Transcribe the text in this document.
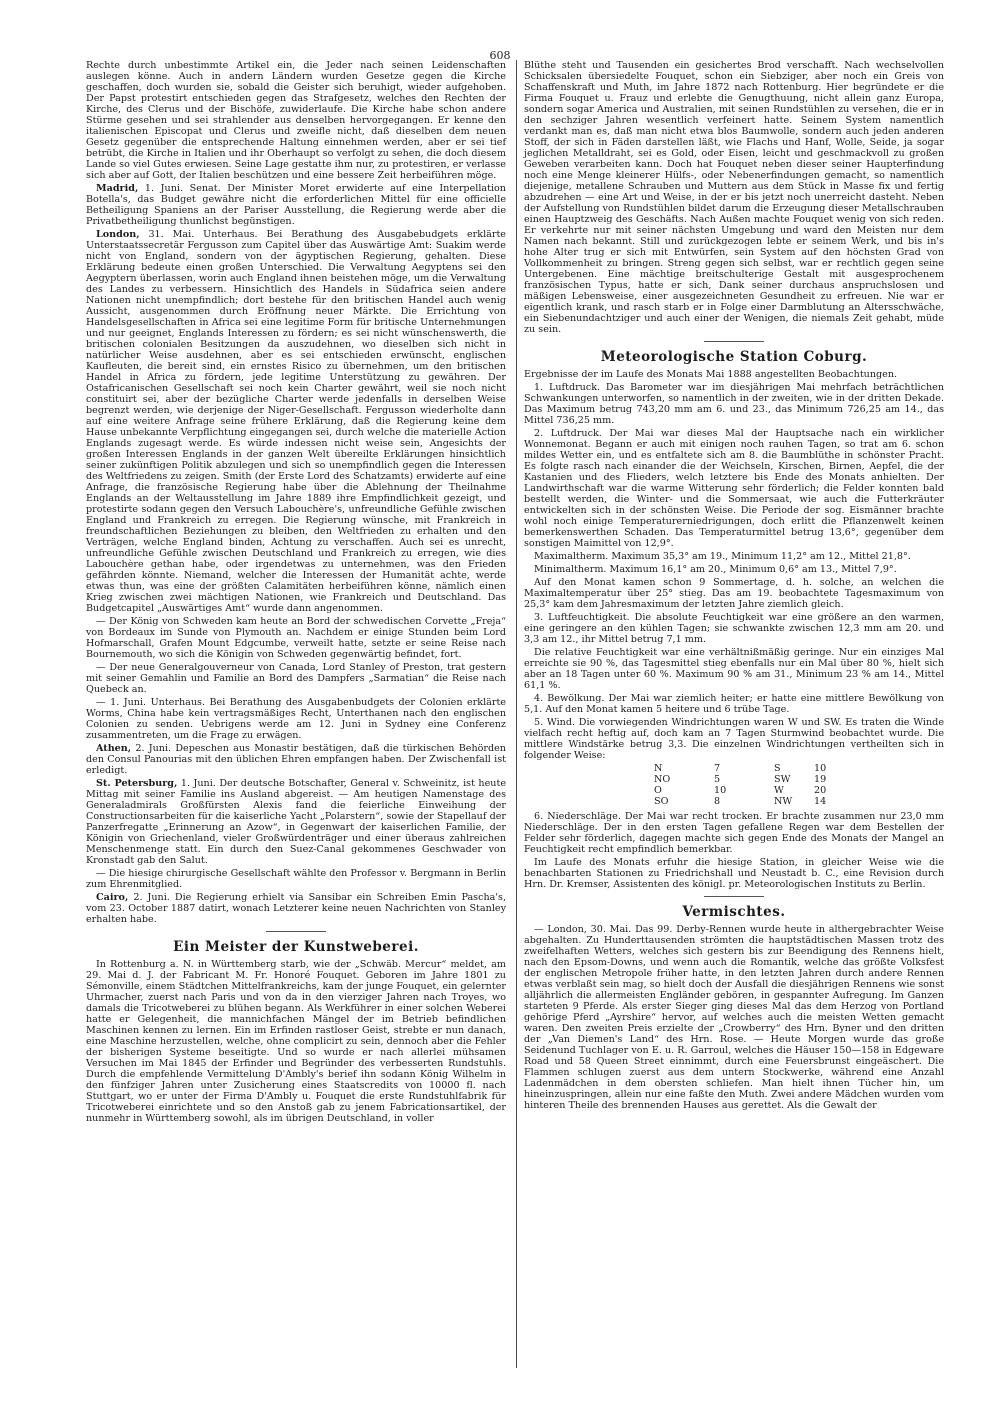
608

Rechte durch unbestimmte Artikel ein, die Jeder nach seinen Leidenschaften auslegen könne. Auch in andern Ländern wurden Gesetze gegen die Kirche geschaffen, doch wurden sie, sobald die Geister sich beruhigt, wieder aufgehoben. Der Papst protestirt entschieden gegen das Strafgesetz, welches den Rechten der Kirche, des Clerus und der Bischöfe, zuwiderlaufe. Die Kirche habe schon andere Stürme gesehen und sei strahlender aus denselben hervorgegangen. Er kenne den italienischen Episcopat und Clerus und zweifle nicht, daß dieselben dem neuen Gesetz gegenüber die entsprechende Haltung einnehmen werden, aber er sei tief betrübt, die Kirche in Italien und ihr Oberhaupt so verfolgt zu sehen, die doch diesem Lande so viel Gutes erwiesen. Seine Lage gestatte ihm nur, zu protestiren, er verlasse sich aber auf Gott, der Italien beschützen und eine bessere Zeit herbeiführen möge.

Madrid, 1. Juni. Senat. Der Minister Moret erwiderte auf eine Interpellation Botella's, das Budget gewähre nicht die erforderlichen Mittel für eine officielle Betheiligung Spaniens an der Pariser Ausstellung, die Regierung werde aber die Privatbetheiligung thunlichst begünstigen.

London, 31. Mai. Unterhaus. Bei Berathung des Ausgabebudgets erklärte Unterstaatssecretär Fergusson zum Capitel über das Auswärtige Amt: Suakim werde nicht von England, sondern von der ägyptischen Regierung, gehalten. Diese Erklärung bedeute einen großen Unterschied. Die Verwaltung Aegyptens sei den Aegyptern überlassen, worin auch England ihnen beistehen möge, um die Verwaltung des Landes zu verbessern. Hinsichtlich des Handels in Südafrica seien andere Nationen nicht unempfindlich; dort bestehe für den britischen Handel auch wenig Aussicht, ausgenommen durch Eröffnung neuer Märkte. Die Errichtung von Handelsgesellschaften in Africa sei eine legitime Form für britische Unternehmungen und nur geeignet, Englands Interessen zu fördern; es sei nicht wünschenswerth, die britischen colonialen Besitzungen da auszudehnen, wo dieselben sich nicht in natürlicher Weise ausdehnen, aber es sei entschieden erwünscht, englischen Kaufleuten, die bereit sind, ein ernstes Risico zu übernehmen, um den britischen Handel in Africa zu fördern, jede legitime Unterstützung zu gewähren. Der Ostafricanischen Gesellschaft sei noch kein Charter gewährt, weil sie noch nicht constituirt sei, aber der bezügliche Charter werde jedenfalls in derselben Weise begrenzt werden, wie derjenige der Niger-Gesellschaft. Fergusson wiederholte dann auf eine weitere Anfrage seine frühere Erklärung, daß die Regierung keine dem Hause unbekannte Verpflichtung eingegangen sei, durch welche die materielle Action Englands zugesagt werde. Es würde indessen nicht weise sein, Angesichts der großen Interessen Englands in der ganzen Welt übereilte Erklärungen hinsichtlich seiner zukünftigen Politik abzulegen und sich so unempfindlich gegen die Interessen des Weltfriedens zu zeigen. Smith (der Erste Lord des Schatzamts) erwiderte auf eine Anfrage, die französische Regierung habe über die Ablehnung der Theilnahme Englands an der Weltausstellung im Jahre 1889 ihre Empfindlichkeit gezeigt, und protestirte sodann gegen den Versuch Labouchère's, unfreundliche Gefühle zwischen England und Frankreich zu erregen. Die Regierung wünsche, mit Frankreich in freundschaftlichen Beziehungen zu bleiben, den Weltfrieden zu erhalten und den Verträgen, welche England binden, Achtung zu verschaffen. Auch sei es unrecht, unfreundliche Gefühle zwischen Deutschland und Frankreich zu erregen, wie dies Labouchère gethan habe, oder irgendetwas zu unternehmen, was den Frieden gefährden könnte. Niemand, welcher die Interessen der Humanität achte, werde etwas thun, was eine der größten Calamitäten herbeiführen könne, nämlich einen Krieg zwischen zwei mächtigen Nationen, wie Frankreich und Deutschland. Das Budgetcapitel „Auswärtiges Amt“ wurde dann angenommen.

— Der König von Schweden kam heute an Bord der schwedischen Corvette „Freja“ von Bordeaux im Sunde von Plymouth an. Nachdem er einige Stunden beim Lord Hofmarschall, Grafen Mount Edgcumbe, verweilt hatte, setzte er seine Reise nach Bournemouth, wo sich die Königin von Schweden gegenwärtig befindet, fort.

— Der neue Generalgouverneur von Canada, Lord Stanley of Preston, trat gestern mit seiner Gemahlin und Familie an Bord des Dampfers „Sarmatian“ die Reise nach Quebeck an.

— 1. Juni. Unterhaus. Bei Berathung des Ausgabenbudgets der Colonien erklärte Worms, China habe kein vertragsmäßiges Recht, Unterthanen nach den englischen Colonien zu senden. Uebrigens werde am 12. Juni in Sydney eine Conferenz zusammentreten, um die Frage zu erwägen.

Athen, 2. Juni. Depeschen aus Monastir bestätigen, daß die türkischen Behörden den Consul Panourias mit den üblichen Ehren empfangen haben. Der Zwischenfall ist erledigt.

St. Petersburg, 1. Juni. Der deutsche Botschafter, General v. Schweinitz, ist heute Mittag mit seiner Familie ins Ausland abgereist. — Am heutigen Namenstage des Generaladmirals Großfürsten Alexis fand die feierliche Einweihung der Constructionsarbeiten für die kaiserliche Yacht „Polarstern“, sowie der Stapellauf der Panzerfregatte „Erinnerung an Azow“, in Gegenwart der kaiserlichen Familie, der Königin von Griechenland, vieler Großwürdenträger und einer überaus zahlreichen Menschenmenge statt. Ein durch den Suez-Canal gekommenes Geschwader von Kronstadt gab den Salut.

— Die hiesige chirurgische Gesellschaft wählte den Professor v. Bergmann in Berlin zum Ehrenmitglied.

Cairo, 2. Juni. Die Regierung erhielt via Sansibar ein Schreiben Emin Pascha's, vom 23. October 1887 datirt, wonach Letzterer keine neuen Nachrichten von Stanley erhalten habe.

Ein Meister der Kunstweberei.

In Rottenburg a. N. in Württemberg starb, wie der „Schwäb. Mercur“ meldet, am 29. Mai d. J. der Fabricant M. Fr. Honoré Fouquet. Geboren im Jahre 1801 zu Sémonville, einem Städtchen Mittelfrankreichs, kam der junge Fouquet, ein gelernter Uhrmacher, zuerst nach Paris und von da in den vierziger Jahren nach Troyes, wo damals die Tricotweberei zu blühen begann. Als Werkführer in einer solchen Weberei hatte er Gelegenheit, die mannichfachen Mängel der im Betrieb befindlichen Maschinen kennen zu lernen. Ein im Erfinden rastloser Geist, strebte er nun danach, eine Maschine herzustellen, welche, ohne complicirt zu sein, dennoch aber die Fehler der bisherigen Systeme beseitigte. Und so wurde er nach allerlei mühsamen Versuchen im Mai 1845 der Erfinder und Begründer des verbesserten Rundstuhls. Durch die empfehlende Vermittelung D'Ambly's berief ihn sodann König Wilhelm in den fünfziger Jahren unter Zusicherung eines Staatscredits von 10000 fl. nach Stuttgart, wo er unter der Firma D'Ambly u. Fouquet die erste Rundstuhlfabrik für Tricotweberei einrichtete und so den Anstoß gab zu jenem Fabricationsartikel, der nunmehr in Württemberg sowohl, als im übrigen Deutschland, in voller

Blüthe steht und Tausenden ein gesichertes Brod verschafft. Nach wechselvollen Schicksalen übersiedelte Fouquet, schon ein Siebziger, aber noch ein Greis von Schaffenskraft und Muth, im Jahre 1872 nach Rottenburg. Hier begründete er die Firma Fouquet u. Frauz und erlebte die Genugthuung, nicht allein ganz Europa, sondern sogar America und Australien, mit seinen Rundstühlen zu versehen, die er in den sechziger Jahren wesentlich verfeinert hatte. Seinem System namentlich verdankt man es, daß man nicht etwa blos Baumwolle, sondern auch jeden anderen Stoff, der sich in Fäden darstellen läßt, wie Flachs und Hanf, Wolle, Seide, ja sogar jeglichen Metalldraht, sei es Gold, oder Eisen, leicht und geschmackvoll zu großen Geweben verarbeiten kann. Doch hat Fouquet neben dieser seiner Haupterfindung noch eine Menge kleinerer Hülfs-, oder Nebenerfindungen gemacht, so namentlich diejenige, metallene Schrauben und Muttern aus dem Stück in Masse fix und fertig abzudrehen — eine Art und Weise, in der er bis jetzt noch unerreicht dasteht. Neben der Aufstellung von Rundstühlen bildet darum die Erzeugung dieser Metallschrauben einen Hauptzweig des Geschäfts. Nach Außen machte Fouquet wenig von sich reden. Er verkehrte nur mit seiner nächsten Umgebung und ward den Meisten nur dem Namen nach bekannt. Still und zurückgezogen lebte er seinem Werk, und bis in's hohe Alter trug er sich mit Entwürfen, sein System auf den höchsten Grad von Vollkommenheit zu bringen. Streng gegen sich selbst, war er rechtlich gegen seine Untergebenen. Eine mächtige breitschulterige Gestalt mit ausgesprochenem französischen Typus, hatte er sich, Dank seiner durchaus anspruchslosen und mäßigen Lebensweise, einer ausgezeichneten Gesundheit zu erfreuen. Nie war er eigentlich krank, und rasch starb er in Folge einer Darmblutung an Altersschwäche, ein Siebenundachtziger und auch einer der Wenigen, die niemals Zeit gehabt, müde zu sein.

Meteorologische Station Coburg.

Ergebnisse der im Laufe des Monats Mai 1888 angestellten Beobachtungen.

1. Luftdruck. Das Barometer war im diesjährigen Mai mehrfach beträchtlichen Schwankungen unterworfen, so namentlich in der zweiten, wie in der dritten Dekade. Das Maximum betrug 743,20 mm am 6. und 23., das Minimum 726,25 am 14., das Mittel 736,25 mm.

2. Luftdruck. Der Mai war dieses Mal der Hauptsache nach ein wirklicher Wonnemonat. Begann er auch mit einigen noch rauhen Tagen, so trat am 6. schon mildes Wetter ein, und es entfaltete sich am 8. die Baumblüthe in schönster Pracht. Es folgte rasch nach einander die der Weichseln, Kirschen, Birnen, Aepfel, die der Kastanien und des Flieders, welch letztere bis Ende des Monats anhielten. Der Landwirthschaft war die warme Witterung sehr förderlich; die Felder konnten bald bestellt werden, die Winter- und die Sommersaat, wie auch die Futterkräuter entwickelten sich in der schönsten Weise. Die Periode der sog. Eismänner brachte wohl noch einige Temperaturerniedrigungen, doch erlitt die Pflanzenwelt keinen bemerkenswerthen Schaden. Das Temperaturmittel betrug 13,6°, gegenüber dem sonstigen Maimittel von 12,9°.

Maximaltherm. Maximum 35,3° am 19., Minimum 11,2° am 12., Mittel 21,8°.

Minimaltherm. Maximum 16,1° am 20., Minimum 0,6° am 13., Mittel 7,9°.

Auf den Monat kamen schon 9 Sommertage, d. h. solche, an welchen die Maximaltemperatur über 25° stieg. Das am 19. beobachtete Tagesmaximum von 25,3° kam dem Jahresmaximum der letzten Jahre ziemlich gleich.

3. Luftfeuchtigkeit. Die absolute Feuchtigkeit war eine größere an den warmen, eine geringere an den kühlen Tagen; sie schwankte zwischen 12,3 mm am 20. und 3,3 am 12., ihr Mittel betrug 7,1 mm.

Die relative Feuchtigkeit war eine verhältnißmäßig geringe. Nur ein einziges Mal erreichte sie 90 %, das Tagesmittel stieg ebenfalls nur ein Mal über 80 %, hielt sich aber an 18 Tagen unter 60 %. Maximum 90 % am 31., Minimum 23 % am 14., Mittel 61,1 %.

4. Bewölkung. Der Mai war ziemlich heiter; er hatte eine mittlere Bewölkung von 5,1. Auf den Monat kamen 5 heitere und 6 trübe Tage.

5. Wind. Die vorwiegenden Windrichtungen waren W und SW. Es traten die Winde vielfach recht heftig auf, doch kam an 7 Tagen Sturmwind beobachtet wurde. Die mittlere Windstärke betrug 3,3. Die einzelnen Windrichtungen vertheilten sich in folgender Weise:

N	7	S	10
NO	5	SW	19
O	10	W	20
SO	8	NW	14

6. Niederschläge. Der Mai war recht trocken. Er brachte zusammen nur 23,0 mm Niederschläge. Der in den ersten Tagen gefallene Regen war dem Bestellen der Felder sehr förderlich, dagegen machte sich gegen Ende des Monats der Mangel an Feuchtigkeit recht empfindlich bemerkbar.

Im Laufe des Monats erfuhr die hiesige Station, in gleicher Weise wie die benachbarten Stationen zu Friedrichshall und Neustadt b. C., eine Revision durch Hrn. Dr. Kremser, Assistenten des königl. pr. Meteorologischen Instituts zu Berlin.

Vermischtes.

— London, 30. Mai. Das 99. Derby-Rennen wurde heute in althergebrachter Weise abgehalten. Zu Hunderttausenden strömten die hauptstädtischen Massen trotz des zweifelhaften Wetters, welches sich gestern bis zur Beendigung des Rennens hielt, nach den Epsom-Downs, und wenn auch die Romantik, welche das größte Volksfest der englischen Metropole früher hatte, in den letzten Jahren durch andere Rennen etwas verblaßt sein mag, so hielt doch der Ausfall die diesjährigen Rennens wie sonst alljährlich die allermeisten Engländer gebören, in gespannter Aufregung. Im Ganzen starteten 9 Pferde. Als erster Sieger ging dieses Mal das dem Herzog von Portland gehörige Pferd „Ayrshire“ hervor, auf welches auch die meisten Wetten gemacht waren. Den zweiten Preis erzielte der „Crowberry“ des Hrn. Byner und den dritten der „Van Diemen's Land“ des Hrn. Rose. — Heute Morgen wurde das große Seidenund Tuchlager von E. u. R. Garroul, welches die Häuser 150—158 in Edgeware Road und 58 Queen Street einnimmt, durch eine Feuersbrunst eingeäschert. Die Flammen schlugen zuerst aus dem untern Stockwerke, während eine Anzahl Ladenmädchen in dem obersten schliefen. Man hielt ihnen Tücher hin, um hineinzuspringen, allein nur eine faßte den Muth. Zwei andere Mädchen wurden vom hinteren Theile des brennenden Hauses aus gerettet. Als die Gewalt der
